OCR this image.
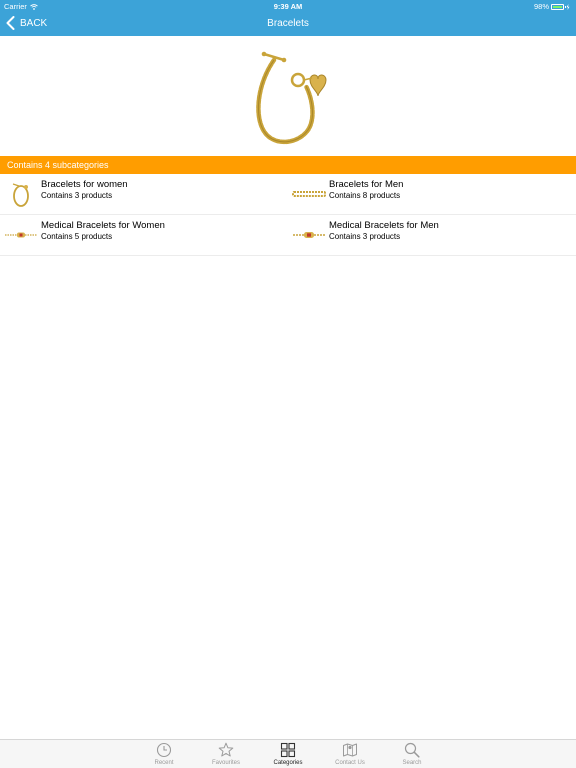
Carrier	9:39 AM	98%
BACK	Bracelets
Contains 4 subcategories
Bracelets for women
Contains 3 products
Bracelets for Men
Contains 8 products
Medical Bracelets for Women
Contains 5 products
Medical Bracelets for Men
Contains 3 products
Recent	Favourites	Categories	Contact Us	Search
